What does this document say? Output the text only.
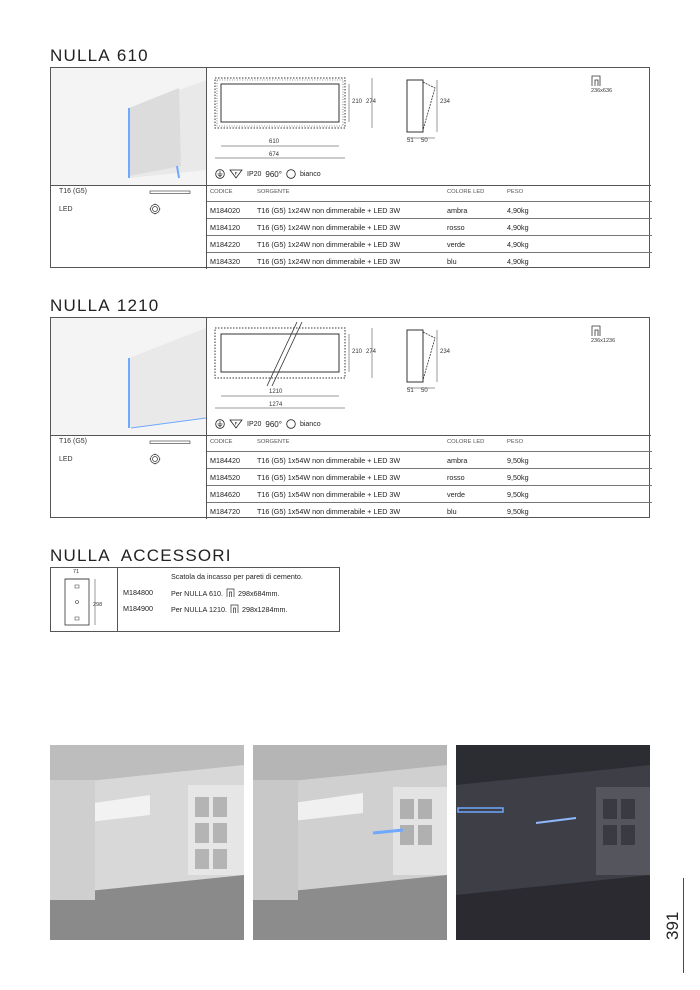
NULLA 610
610
674
210 274	234
51 50
236x636
F IP20 960°	bianco
T16 (G5)
LED
CODICE	SORGENTE	COLORE LED	PESO
M184020 T16 (G5) 1x24W non dimmerabile + LED 3W	ambra	4,90kg
M184120 T16 (G5) 1x24W non dimmerabile + LED 3W	rosso	4,90kg
M184220 T16 (G5) 1x24W non dimmerabile + LED 3W	verde	4,90kg
M184320 T16 (G5) 1x24W non dimmerabile + LED 3W	blu	4,90kg
NULLA 1210
1210
1274
210 274	234
51 50
236x1236
F IP20 960°	bianco
T16 (G5)
LED
CODICE	SORGENTE	COLORE LED	PESO
M184420 T16 (G5) 1x54W non dimmerabile + LED 3W	ambra	9,50kg
M184520 T16 (G5) 1x54W non dimmerabile + LED 3W	rosso	9,50kg
M184620 T16 (G5) 1x54W non dimmerabile + LED 3W	verde	9,50kg
M184720 T16 (G5) 1x54W non dimmerabile + LED 3W	blu	9,50kg
NULLA  ACCESSORI
71
298
Scatola da incasso per pareti di cemento.
M184800	Per NULLA 610. 298x684mm.
M184900	Per NULLA 1210. 298x1284mm.
391
